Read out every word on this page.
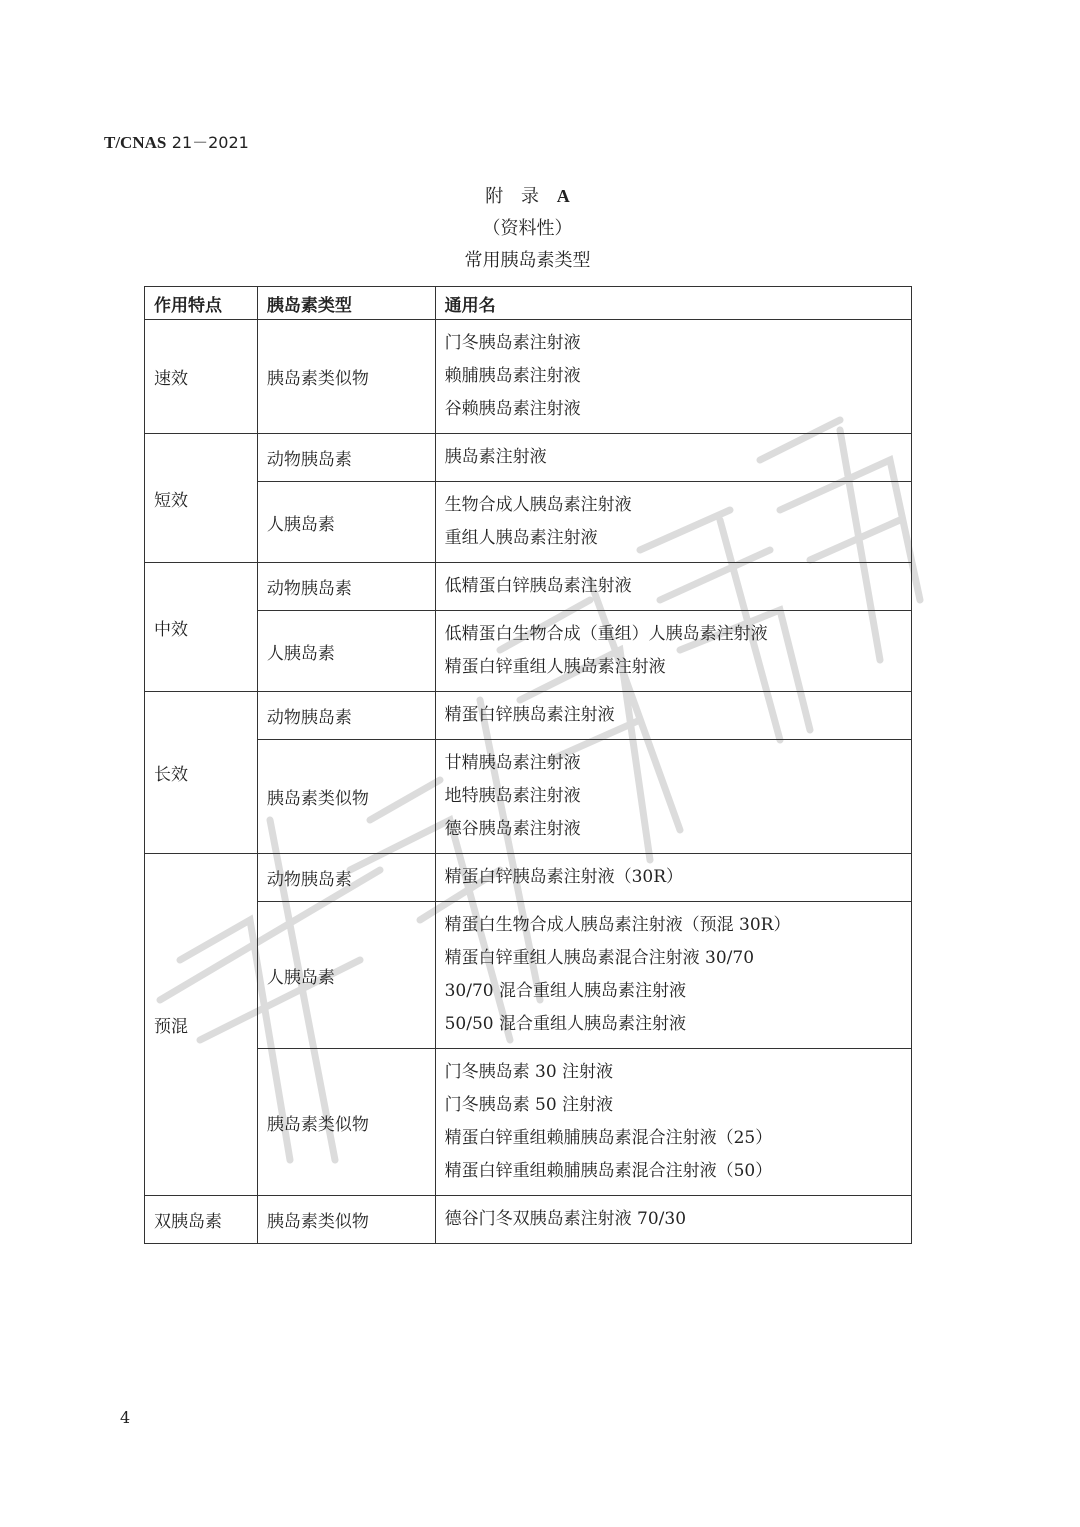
T/CNAS 21－2021
附 录 A
（资料性）
常用胰岛素类型
作用特点	胰岛素类型	通用名
速效	胰岛素类似物	门冬胰岛素注射液
赖脯胰岛素注射液
谷赖胰岛素注射液

短效	动物胰岛素	胰岛素注射液

	人胰岛素	生物合成人胰岛素注射液
重组人胰岛素注射液

中效	动物胰岛素	低精蛋白锌胰岛素注射液

	人胰岛素	低精蛋白生物合成（重组）人胰岛素注射液
精蛋白锌重组人胰岛素注射液

长效	动物胰岛素	精蛋白锌胰岛素注射液

	胰岛素类似物	甘精胰岛素注射液
地特胰岛素注射液
德谷胰岛素注射液

预混	动物胰岛素	精蛋白锌胰岛素注射液（30R）

	人胰岛素	精蛋白生物合成人胰岛素注射液（预混 30R）
精蛋白锌重组人胰岛素混合注射液 30/70
30/70 混合重组人胰岛素注射液
50/50 混合重组人胰岛素注射液

	胰岛素类似物	门冬胰岛素 30 注射液
门冬胰岛素 50 注射液
精蛋白锌重组赖脯胰岛素混合注射液（25）
精蛋白锌重组赖脯胰岛素混合注射液（50）

双胰岛素	胰岛素类似物	德谷门冬双胰岛素注射液 70/30
4
